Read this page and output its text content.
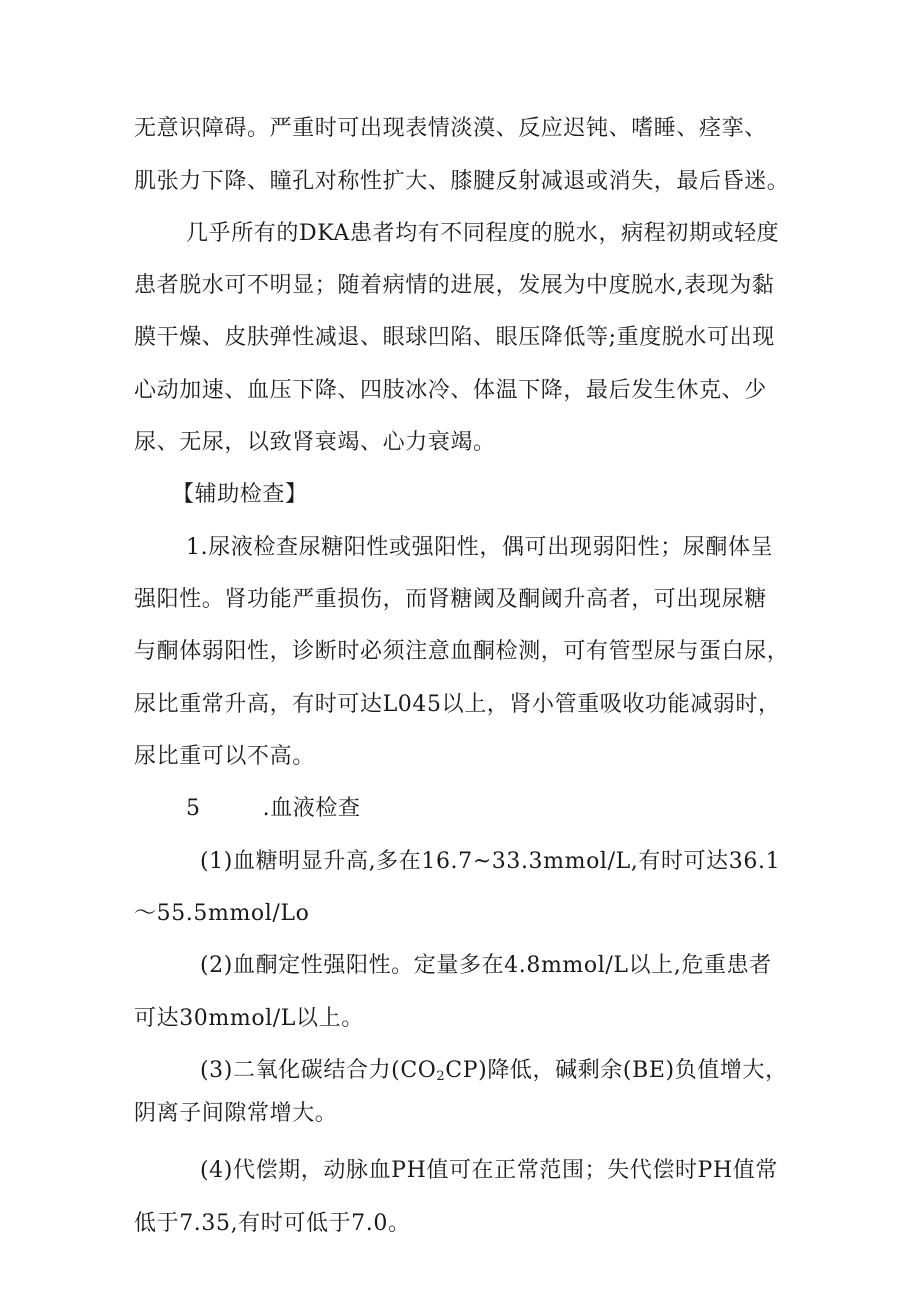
无意识障碍。严重时可出现表情淡漠、反应迟钝、嗜睡、痉挛、
肌张力下降、瞳孔对称性扩大、膝腱反射减退或消失，最后昏迷。
几乎所有的DKA患者均有不同程度的脱水，病程初期或轻度
患者脱水可不明显；随着病情的进展，发展为中度脱水,表现为黏
膜干燥、皮肤弹性减退、眼球凹陷、眼压降低等;重度脱水可出现
心动加速、血压下降、四肢冰冷、体温下降，最后发生休克、少
尿、无尿，以致肾衰竭、心力衰竭。
【辅助检查】
1.尿液检查尿糖阳性或强阳性，偶可出现弱阳性；尿酮体呈
强阳性。肾功能严重损伤，而肾糖阈及酮阈升高者，可出现尿糖
与酮体弱阳性，诊断时必须注意血酮检测，可有管型尿与蛋白尿，
尿比重常升高，有时可达L045以上，肾小管重吸收功能减弱时，
尿比重可以不高。
5	.血液检查
(1)血糖明显升高,多在16.7~33.3mmol/L,有时可达36.1
～55.5mmol/Lo
(2)血酮定性强阳性。定量多在4.8mmol/L以上,危重患者
可达30mmol/L以上。
(3)二氧化碳结合力$(CO_2CP)$降低，碱剩余(BE)负值增大，
阴离子间隙常增大。
(4)代偿期，动脉血PH值可在正常范围；失代偿时PH值常
低于7.35,有时可低于7.0。
